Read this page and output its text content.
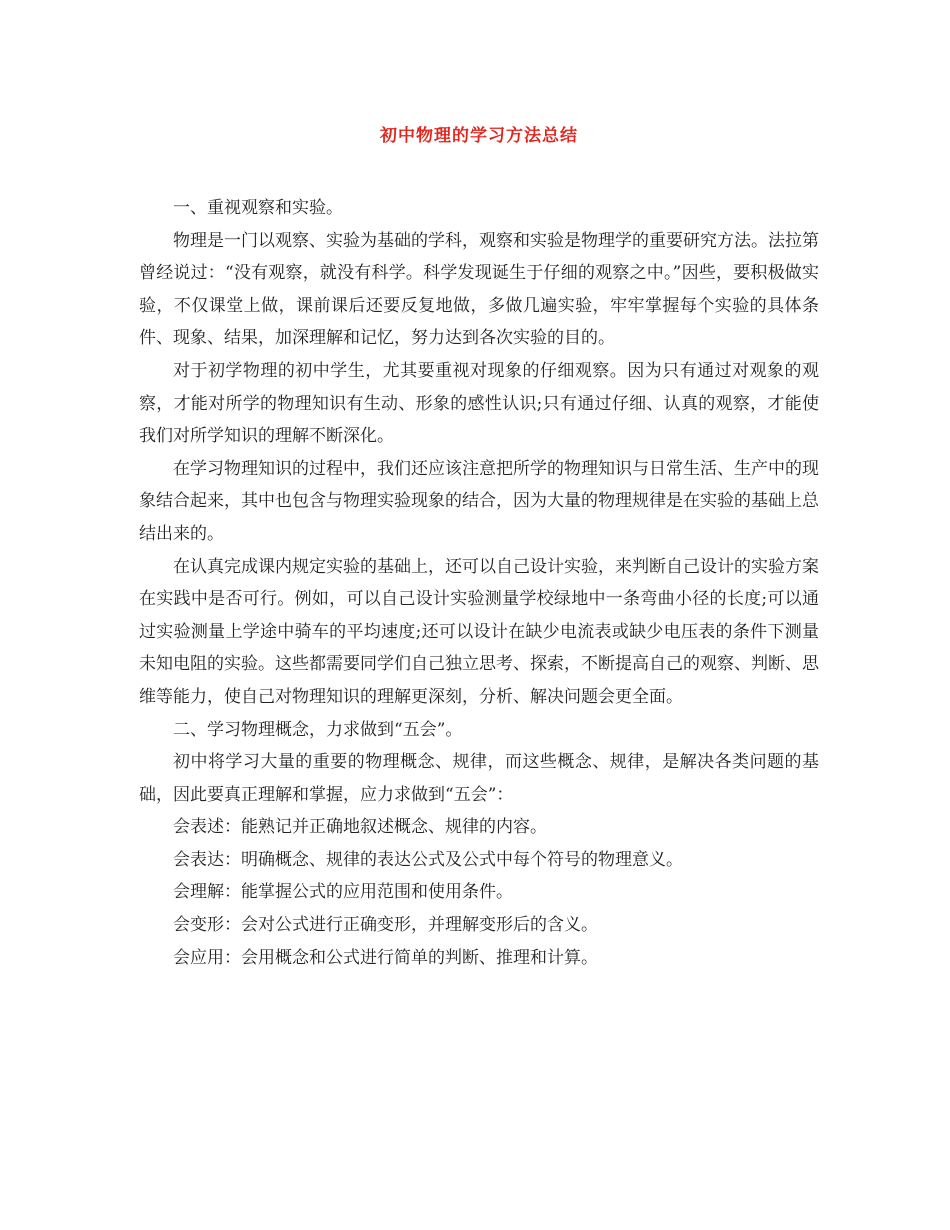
初中物理的学习方法总结

一、重视观察和实验。

物理是一门以观察、实验为基础的学科，观察和实验是物理学的重要研究方法。法拉第曾经说过：“没有观察，就没有科学。科学发现诞生于仔细的观察之中。”因些，要积极做实验，不仅课堂上做，课前课后还要反复地做，多做几遍实验，牢牢掌握每个实验的具体条件、现象、结果，加深理解和记忆，努力达到各次实验的目的。

对于初学物理的初中学生，尤其要重视对现象的仔细观察。因为只有通过对观象的观察，才能对所学的物理知识有生动、形象的感性认识;只有通过仔细、认真的观察，才能使我们对所学知识的理解不断深化。

在学习物理知识的过程中，我们还应该注意把所学的物理知识与日常生活、生产中的现象结合起来，其中也包含与物理实验现象的结合，因为大量的物理规律是在实验的基础上总结出来的。

在认真完成课内规定实验的基础上，还可以自己设计实验，来判断自己设计的实验方案在实践中是否可行。例如，可以自己设计实验测量学校绿地中一条弯曲小径的长度;可以通过实验测量上学途中骑车的平均速度;还可以设计在缺少电流表或缺少电压表的条件下测量未知电阻的实验。这些都需要同学们自己独立思考、探索，不断提高自己的观察、判断、思维等能力，使自己对物理知识的理解更深刻，分析、解决问题会更全面。

二、学习物理概念，力求做到“五会”。

初中将学习大量的重要的物理概念、规律，而这些概念、规律，是解决各类问题的基础，因此要真正理解和掌握，应力求做到“五会”：

会表述：能熟记并正确地叙述概念、规律的内容。

会表达：明确概念、规律的表达公式及公式中每个符号的物理意义。

会理解：能掌握公式的应用范围和使用条件。

会变形：会对公式进行正确变形，并理解变形后的含义。

会应用：会用概念和公式进行简单的判断、推理和计算。
